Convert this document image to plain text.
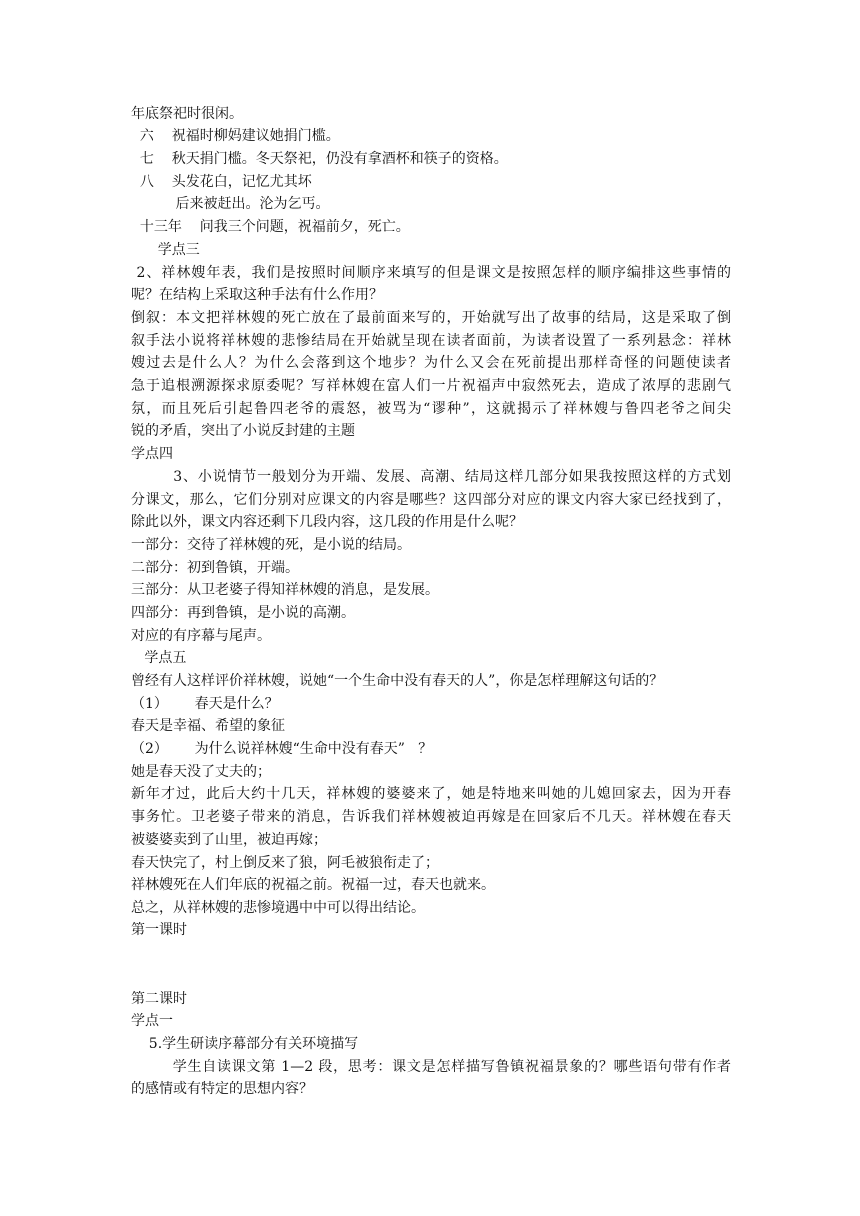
年底祭祀时很闲。
六    祝福时柳妈建议她捐门槛。
七    秋天捐门槛。冬天祭祀，仍没有拿酒杯和筷子的资格。
八    头发花白，记忆尤其坏
后来被赶出。沦为乞丐。
十三年    问我三个问题，祝福前夕，死亡。
学点三
2、祥林嫂年表，我们是按照时间顺序来填写的但是课文是按照怎样的顺序编排这些事情的
呢？在结构上采取这种手法有什么作用？
倒叙：本文把祥林嫂的死亡放在了最前面来写的，开始就写出了故事的结局，这是采取了倒
叙手法小说将祥林嫂的悲惨结局在开始就呈现在读者面前，为读者设置了一系列悬念：祥林
嫂过去是什么人？为什么会落到这个地步？为什么又会在死前提出那样奇怪的问题使读者
急于追根溯源探求原委呢？写祥林嫂在富人们一片祝福声中寂然死去，造成了浓厚的悲剧气
氛，而且死后引起鲁四老爷的震怒，被骂为“谬种”，这就揭示了祥林嫂与鲁四老爷之间尖
锐的矛盾，突出了小说反封建的主题
学点四
3、小说情节一般划分为开端、发展、高潮、结局这样几部分如果我按照这样的方式划
分课文，那么，它们分别对应课文的内容是哪些？这四部分对应的课文内容大家已经找到了，
除此以外，课文内容还剩下几段内容，这几段的作用是什么呢？
一部分：交待了祥林嫂的死，是小说的结局。
二部分：初到鲁镇，开端。
三部分：从卫老婆子得知祥林嫂的消息，是发展。
四部分：再到鲁镇，是小说的高潮。
对应的有序幕与尾声。
学点五
曾经有人这样评价祥林嫂，说她“一个生命中没有春天的人”，你是怎样理解这句话的？
（1）      春天是什么？
春天是幸福、希望的象征
（2）      为什么说祥林嫂“生命中没有春天”   ？
她是春天没了丈夫的；
新年才过，此后大约十几天，祥林嫂的婆婆来了，她是特地来叫她的儿媳回家去，因为开春
事务忙。卫老婆子带来的消息，告诉我们祥林嫂被迫再嫁是在回家后不几天。祥林嫂在春天
被婆婆卖到了山里，被迫再嫁；
春天快完了，村上倒反来了狼，阿毛被狼衔走了；
祥林嫂死在人们年底的祝福之前。祝福一过，春天也就来。
总之，从祥林嫂的悲惨境遇中中可以得出结论。
第一课时
第二课时
学点一
5.学生研读序幕部分有关环境描写
学生自读课文第 1—2 段，思考：课文是怎样描写鲁镇祝福景象的？哪些语句带有作者
的感情或有特定的思想内容？
